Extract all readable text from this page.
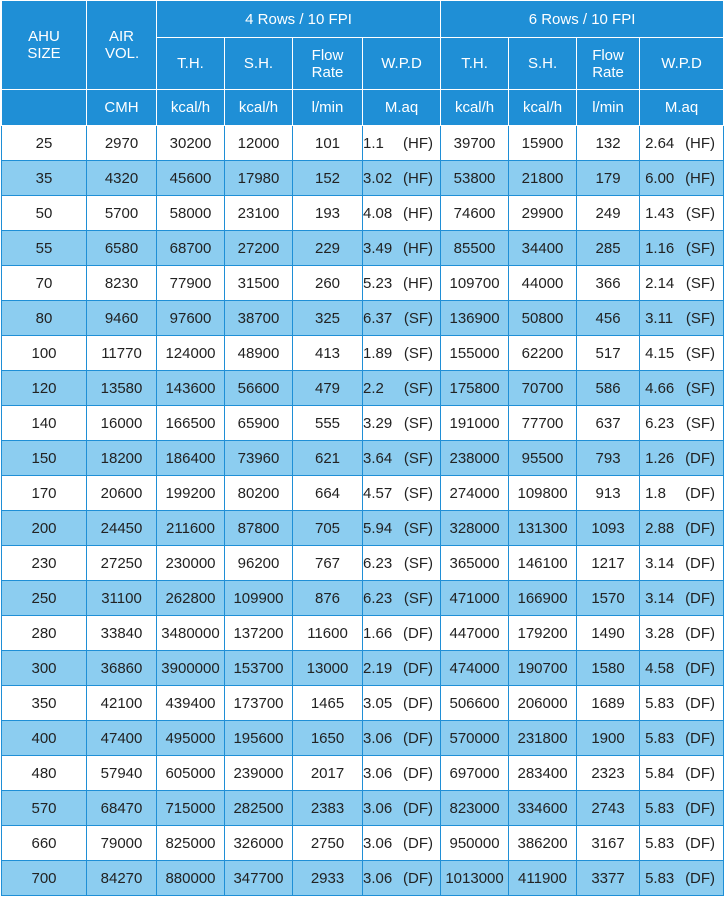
AHU SIZE	AIR VOL.	4 Rows / 10 FPI				6 Rows / 10 FPI			
		T.H.	S.H.	Flow Rate	W.P.D	T.H.	S.H.	Flow Rate	W.P.D
	CMH	kcal/h	kcal/h	l/min	M.aq	kcal/h	kcal/h	l/min	M.aq
25	2970	30200	12000	101	1.1 (HF)	39700	15900	132	2.64 (HF)
35	4320	45600	17980	152	3.02 (HF)	53800	21800	179	6.00 (HF)
50	5700	58000	23100	193	4.08 (HF)	74600	29900	249	1.43 (SF)
55	6580	68700	27200	229	3.49 (HF)	85500	34400	285	1.16 (SF)
70	8230	77900	31500	260	5.23 (HF)	109700	44000	366	2.14 (SF)
80	9460	97600	38700	325	6.37 (SF)	136900	50800	456	3.11 (SF)
100	11770	124000	48900	413	1.89 (SF)	155000	62200	517	4.15 (SF)
120	13580	143600	56600	479	2.2 (SF)	175800	70700	586	4.66 (SF)
140	16000	166500	65900	555	3.29 (SF)	191000	77700	637	6.23 (SF)
150	18200	186400	73960	621	3.64 (SF)	238000	95500	793	1.26 (DF)
170	20600	199200	80200	664	4.57 (SF)	274000	109800	913	1.8 (DF)
200	24450	211600	87800	705	5.94 (SF)	328000	131300	1093	2.88 (DF)
230	27250	230000	96200	767	6.23 (SF)	365000	146100	1217	3.14 (DF)
250	31100	262800	109900	876	6.23 (SF)	471000	166900	1570	3.14 (DF)
280	33840	3480000	137200	11600	1.66 (DF)	447000	179200	1490	3.28 (DF)
300	36860	3900000	153700	13000	2.19 (DF)	474000	190700	1580	4.58 (DF)
350	42100	439400	173700	1465	3.05 (DF)	506600	206000	1689	5.83 (DF)
400	47400	495000	195600	1650	3.06 (DF)	570000	231800	1900	5.83 (DF)
480	57940	605000	239000	2017	3.06 (DF)	697000	283400	2323	5.84 (DF)
570	68470	715000	282500	2383	3.06 (DF)	823000	334600	2743	5.83 (DF)
660	79000	825000	326000	2750	3.06 (DF)	950000	386200	3167	5.83 (DF)
700	84270	880000	347700	2933	3.06 (DF)	1013000	411900	3377	5.83 (DF)
